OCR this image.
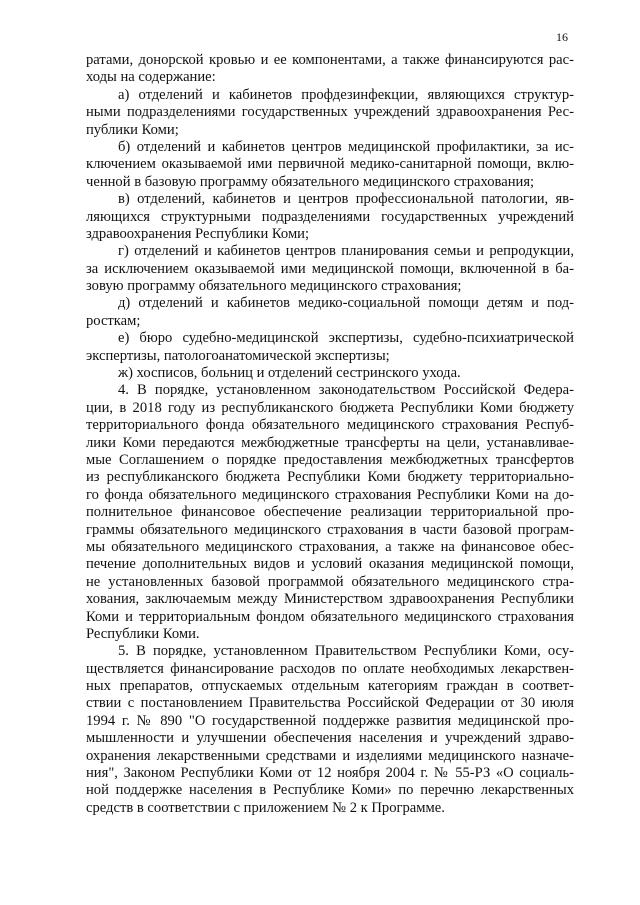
16
ратами, донорской кровью и ее компонентами, а также финансируются рас-
ходы на содержание:
а) отделений и кабинетов профдезинфекции, являющихся структур-
ными подразделениями государственных учреждений здравоохранения Рес-
публики Коми;
б) отделений и кабинетов центров медицинской профилактики, за ис-
ключением оказываемой ими первичной медико-санитарной помощи, вклю-
ченной в базовую программу обязательного медицинского страхования;
в) отделений, кабинетов и центров профессиональной патологии, яв-
ляющихся структурными подразделениями государственных учреждений
здравоохранения Республики Коми;
г) отделений и кабинетов центров планирования семьи и репродукции,
за исключением оказываемой ими медицинской помощи, включенной в ба-
зовую программу обязательного медицинского страхования;
д) отделений и кабинетов медико-социальной помощи детям и под-
росткам;
е) бюро судебно-медицинской экспертизы, судебно-психиатрической
экспертизы, патологоанатомической экспертизы;
ж) хосписов, больниц и отделений сестринского ухода.
4. В порядке, установленном законодательством Российской Федера-
ции, в 2018 году из республиканского бюджета Республики Коми бюджету
территориального фонда обязательного медицинского страхования Респуб-
лики Коми передаются межбюджетные трансферты на цели, устанавливае-
мые Соглашением о порядке предоставления межбюджетных трансфертов
из республиканского бюджета Республики Коми бюджету территориально-
го фонда обязательного медицинского страхования Республики Коми на до-
полнительное финансовое обеспечение реализации территориальной про-
граммы обязательного медицинского страхования в части базовой програм-
мы обязательного медицинского страхования, а также на финансовое обес-
печение дополнительных видов и условий оказания медицинской помощи,
не установленных базовой программой обязательного медицинского стра-
хования, заключаемым между Министерством здравоохранения Республики
Коми и территориальным фондом обязательного медицинского страхования
Республики Коми.
5. В порядке, установленном Правительством Республики Коми, осу-
ществляется финансирование расходов по оплате необходимых лекарствен-
ных препаратов, отпускаемых отдельным категориям граждан в соответ-
ствии с постановлением Правительства Российской Федерации от 30 июля
1994 г. № 890 "О государственной поддержке развития медицинской про-
мышленности и улучшении обеспечения населения и учреждений здраво-
охранения лекарственными средствами и изделиями медицинского назначе-
ния", Законом Республики Коми от 12 ноября 2004 г. № 55-РЗ «О социаль-
ной поддержке населения в Республике Коми» по перечню лекарственных
средств в соответствии с приложением № 2 к Программе.
